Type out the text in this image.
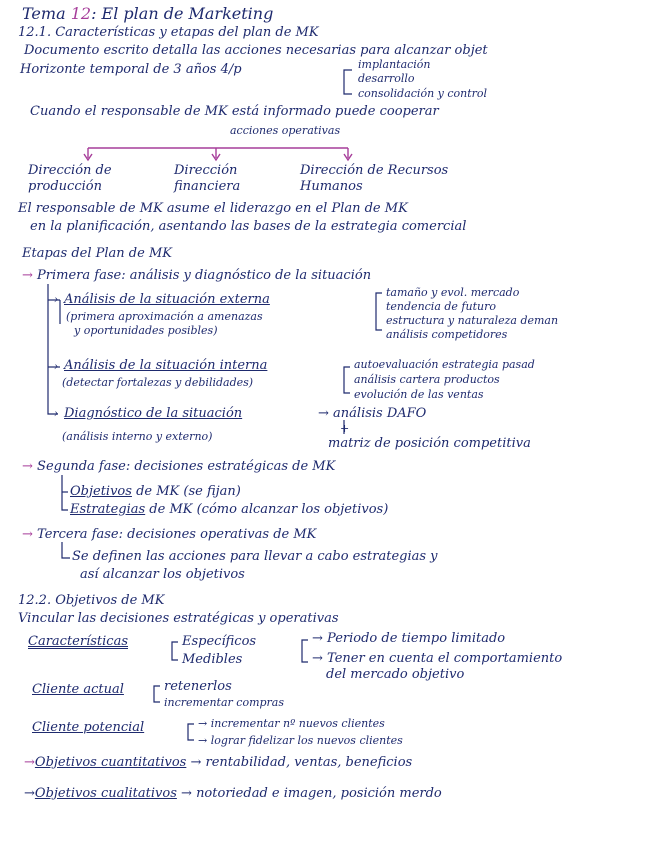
Tema 12: El plan de Marketing
12.1. Características y etapas del plan de MK
Documento escrito detalla las acciones necesarias para alcanzar objet
Horizonte temporal de 3 años 4/p	implantación
desarrollo
consolidación y control
Cuando el responsable de MK está informado puede cooperar
acciones operativas
Dirección de producción
Dirección financiera
Dirección de Recursos Humanos
El responsable de MK asume el liderazgo en el Plan de MK
en la planificación, asentando las bases de la estrategia comercial
Etapas del Plan de MK
→ Primera fase: análisis y diagnóstico de la situación
Análisis de la situación externa
(primera aproximación a amenazas
y oportunidades posibles)
tamaño y evol. mercado
tendencia de futuro
estructura y naturaleza deman
análisis competidores
Análisis de la situación interna
(detectar fortalezas y debilidades)
autoevaluación estrategia pasad
análisis cartera productos
evolución de las ventas
Diagnóstico de la situación
(análisis interno y externo)
→ análisis DAFO
+
matriz de posición competitiva
→ Segunda fase: decisiones estratégicas de MK
Objetivos de MK (se fijan)
Estrategias de MK (cómo alcanzar los objetivos)
→ Tercera fase: decisiones operativas de MK
Se definen las acciones para llevar a cabo estrategias y
así alcanzar los objetivos
12.2. Objetivos de MK
Vincular las decisiones estratégicas y operativas
Características	Específicos
Medibles
→ Periodo de tiempo limitado
→ Tener en cuenta el comportamiento
del mercado objetivo
Cliente actual	retenerlos
incrementar compras
Cliente potencial	→ incrementar nº nuevos clientes
→ lograr fidelizar los nuevos clientes
→Objetivos cuantitativos → rentabilidad, ventas, beneficios
→Objetivos cualitativos → notoriedad e imagen, posición merdo
›
›
›
